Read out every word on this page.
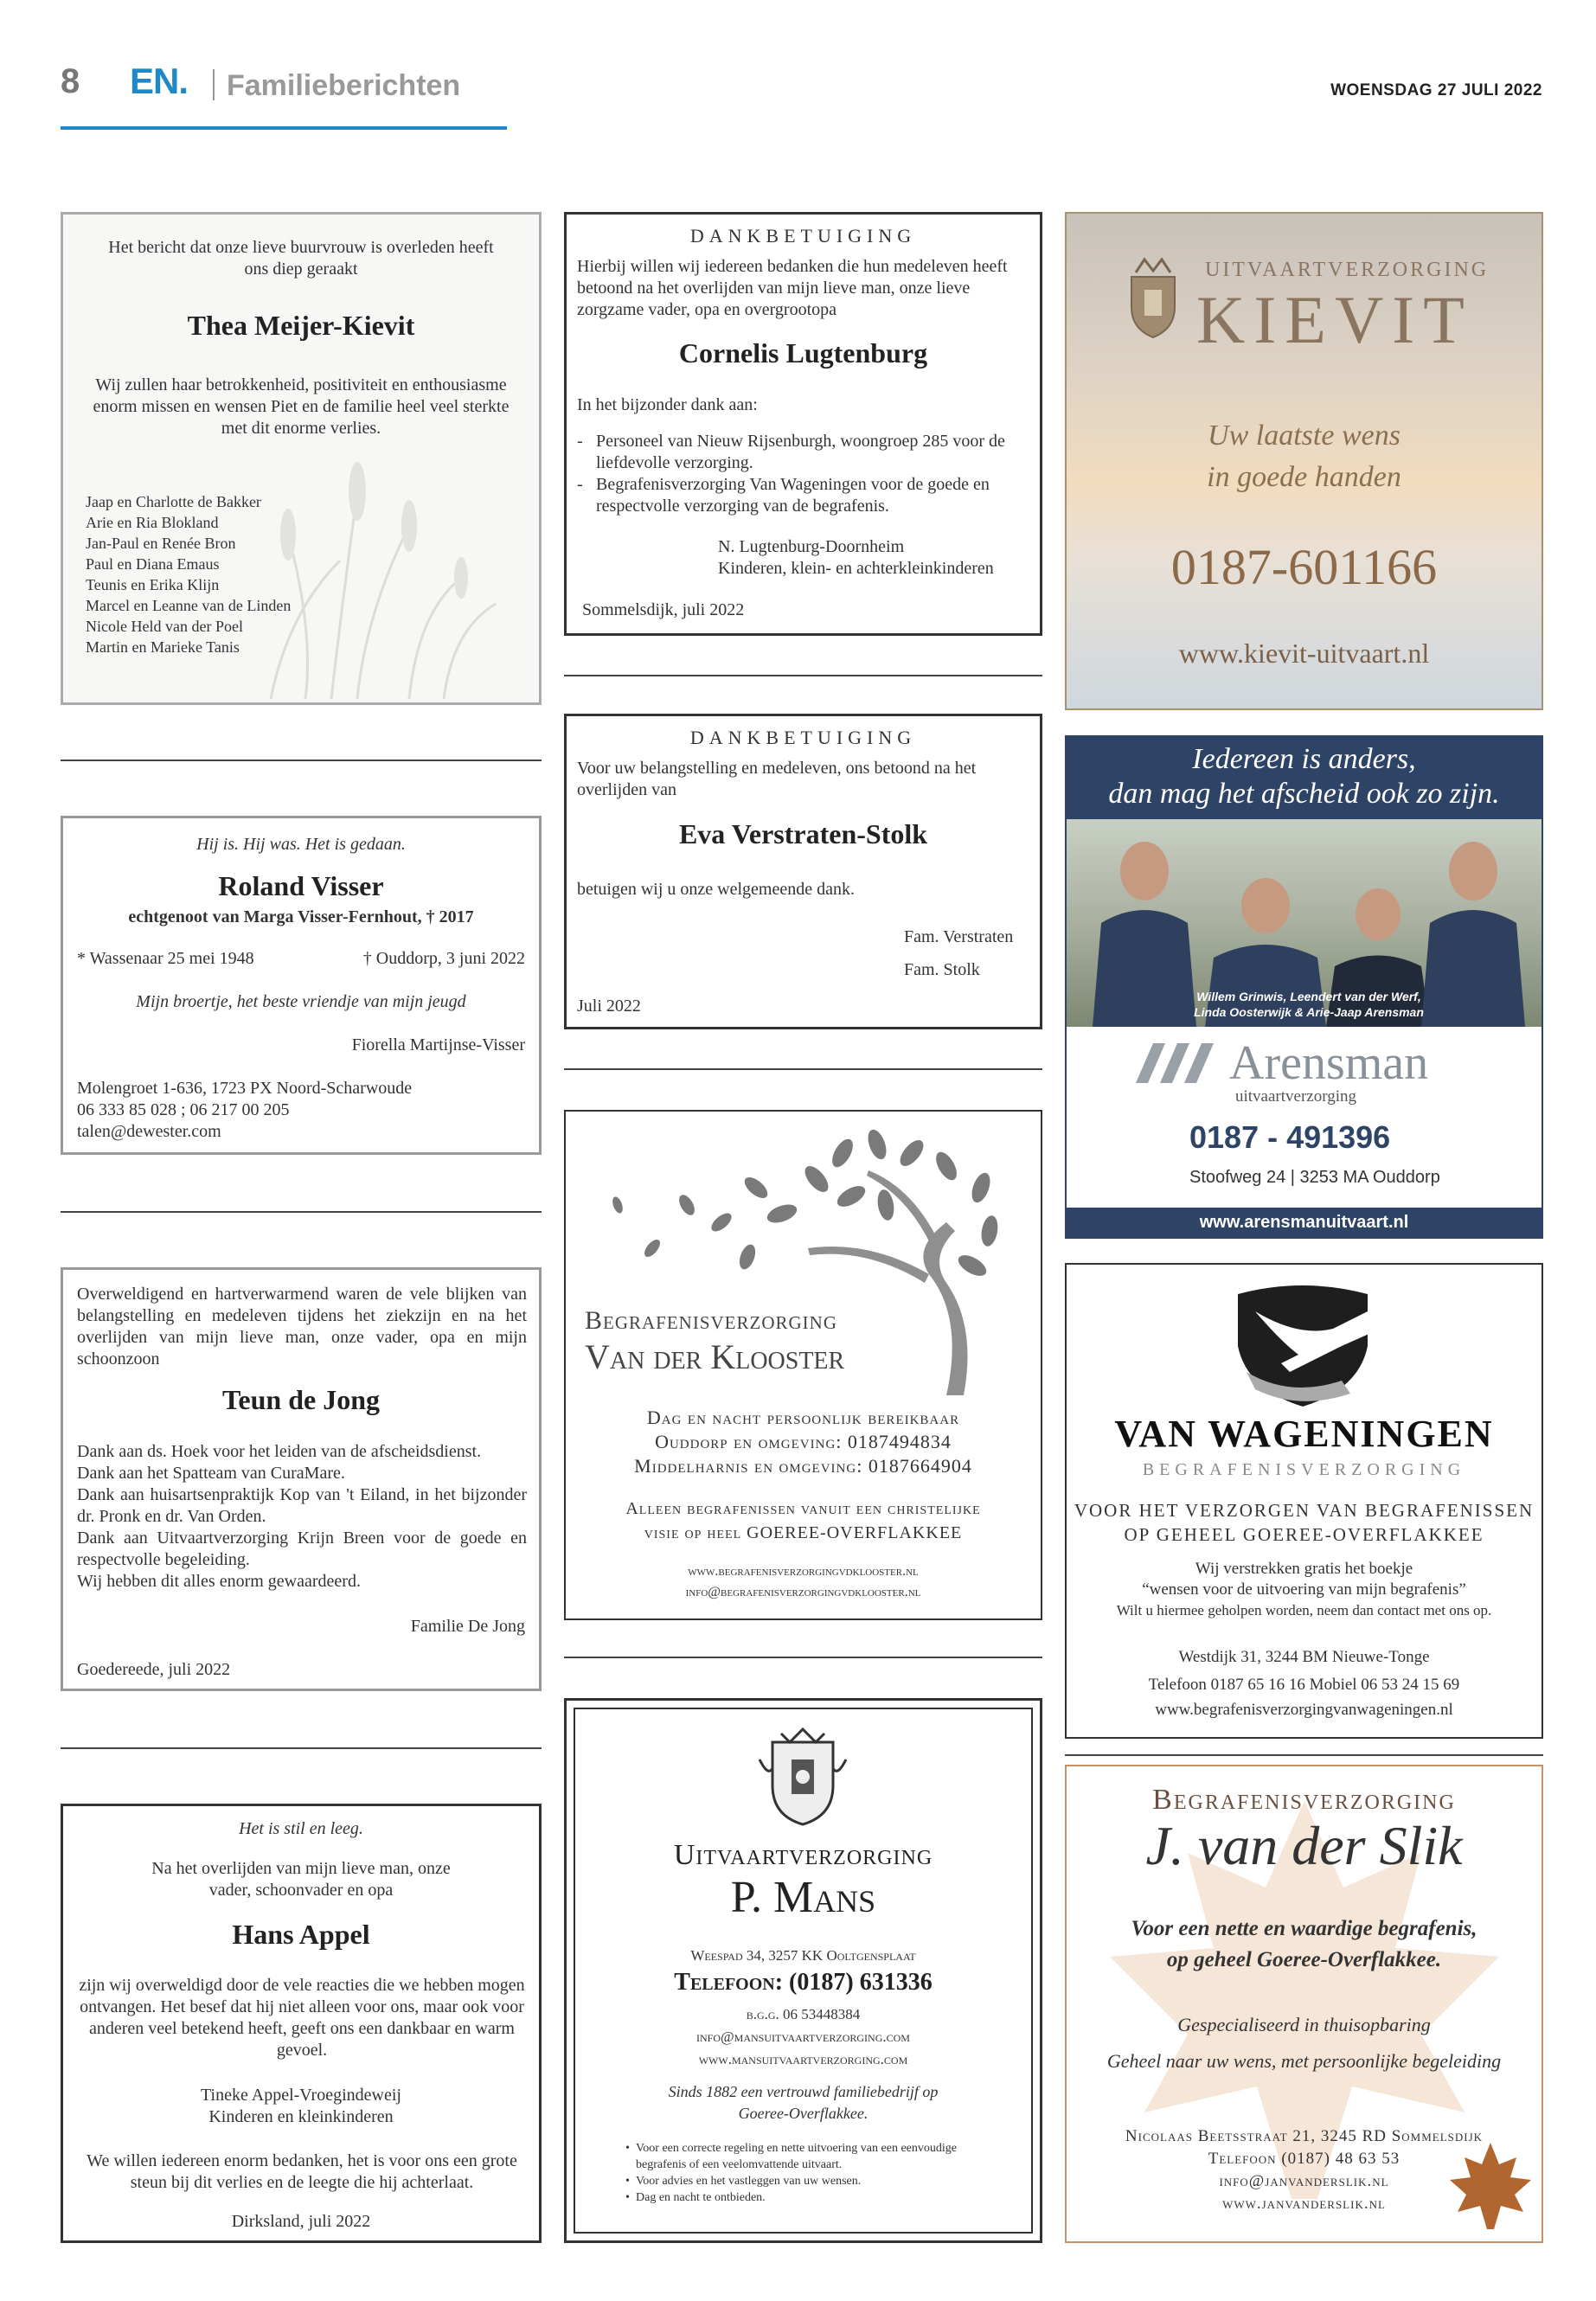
8 EN. Familieberichten	WOENSDAG 27 JULI 2022
Het bericht dat onze lieve buurvrouw is overleden heeft ons diep geraakt
Thea Meijer-Kievit
Wij zullen haar betrokkenheid, positiviteit en enthousiasme enorm missen en wensen Piet en de familie heel veel sterkte met dit enorme verlies.
Jaap en Charlotte de Bakker
Arie en Ria Blokland
Jan-Paul en Renée Bron
Paul en Diana Emaus
Teunis en Erika Klijn
Marcel en Leanne van de Linden
Nicole Held van der Poel
Martin en Marieke Tanis
Hij is. Hij was. Het is gedaan.
Roland Visser
echtgenoot van Marga Visser-Fernhout, † 2017
* Wassenaar 25 mei 1948	† Ouddorp, 3 juni 2022
Mijn broertje, het beste vriendje van mijn jeugd
Fiorella Martijnse-Visser
Molengroet 1-636, 1723 PX Noord-Scharwoude
06 333 85 028 ; 06 217 00 205
talen@dewester.com
Overweldigend en hartverwarmend waren de vele blijken van belangstelling en medeleven tijdens het ziekzijn en na het overlijden van mijn lieve man, onze vader, opa en mijn schoonzoon
Teun de Jong
Dank aan ds. Hoek voor het leiden van de afscheidsdienst.
Dank aan het Spatteam van CuraMare.
Dank aan huisartsenpraktijk Kop van 't Eiland, in het bijzonder dr. Pronk en dr. Van Orden.
Dank aan Uitvaartverzorging Krijn Breen voor de goede en respectvolle begeleiding.
Wij hebben dit alles enorm gewaardeerd.
Familie De Jong
Goedereede, juli 2022
Het is stil en leeg.
Na het overlijden van mijn lieve man, onze vader, schoonvader en opa
Hans Appel
zijn wij overweldigd door de vele reacties die we hebben mogen ontvangen. Het besef dat hij niet alleen voor ons, maar ook voor anderen veel betekend heeft, geeft ons een dankbaar en warm gevoel.
Tineke Appel-Vroegindeweij
Kinderen en kleinkinderen
We willen iedereen enorm bedanken, het is voor ons een grote steun bij dit verlies en de leegte die hij achterlaat.
Dirksland, juli 2022
DANKBETUIGING
Hierbij willen wij iedereen bedanken die hun medeleven heeft betoond na het overlijden van mijn lieve man, onze lieve zorgzame vader, opa en overgrootopa
Cornelis Lugtenburg
In het bijzonder dank aan:
- Personeel van Nieuw Rijsenburgh, woongroep 285 voor de liefdevolle verzorging.
- Begrafenisverzorging Van Wageningen voor de goede en respectvolle verzorging van de begrafenis.
N. Lugtenburg-Doornheim
Kinderen, klein- en achterkleinkinderen
Sommelsdijk, juli 2022
DANKBETUIGING
Voor uw belangstelling en medeleven, ons betoond na het overlijden van
Eva Verstraten-Stolk
betuigen wij u onze welgemeende dank.
Fam. Verstraten
Fam. Stolk
Juli 2022
Begrafenisverzorging
Van der Klooster
Dag en nacht persoonlijk bereikbaar
Ouddorp en omgeving: 0187494834
Middelharnis en omgeving: 0187664904
Alleen begrafenissen vanuit een christelijke
visie op heel GOEREE-OVERFLAKKEE
www.begrafenisverzorgingvdklooster.nl
info@begrafenisverzorgingvdklooster.nl
Uitvaartverzorging
P. Mans
Weespad 34, 3257 KK Ooltgensplaat
Telefoon: (0187) 631336
b.g.g. 06 53448384
info@mansuitvaartverzorging.com
www.mansuitvaartverzorging.com
Sinds 1882 een vertrouwd familiebedrijf op
Goeree-Overflakkee.
• Voor een correcte regeling en nette uitvoering van een eenvoudige begrafenis of een veelomvattende uitvaart.
• Voor advies en het vastleggen van uw wensen.
• Dag en nacht te ontbieden.
UITVAARTVERZORGING
KIEVIT
Uw laatste wens
in goede handen
0187-601166
www.kievit-uitvaart.nl
Iedereen is anders,
dan mag het afscheid ook zo zijn.
Willem Grinwis, Leendert van der Werf,
Linda Oosterwijk & Arie-Jaap Arensman
Arensman
uitvaartverzorging
0187 - 491396
Stoofweg 24 | 3253 MA Ouddorp
www.arensmanuitvaart.nl
VAN WAGENINGEN
BEGRAFENISVERZORGING
VOOR HET VERZORGEN VAN BEGRAFENISSEN
OP GEHEEL GOEREE-OVERFLAKKEE
Wij verstrekken gratis het boekje
“wensen voor de uitvoering van mijn begrafenis”
Wilt u hiermee geholpen worden, neem dan contact met ons op.
Westdijk 31, 3244 BM Nieuwe-Tonge
Telefoon 0187 65 16 16 Mobiel 06 53 24 15 69
www.begrafenisverzorgingvanwageningen.nl
Begrafenisverzorging
J. van der Slik
Voor een nette en waardige begrafenis,
op geheel Goeree-Overflakkee.
Gespecialiseerd in thuisopbaring
Geheel naar uw wens, met persoonlijke begeleiding
Nicolaas Beetsstraat 21, 3245 RD Sommelsdijk
Telefoon (0187) 48 63 53
info@janvanderslik.nl
www.janvanderslik.nl
